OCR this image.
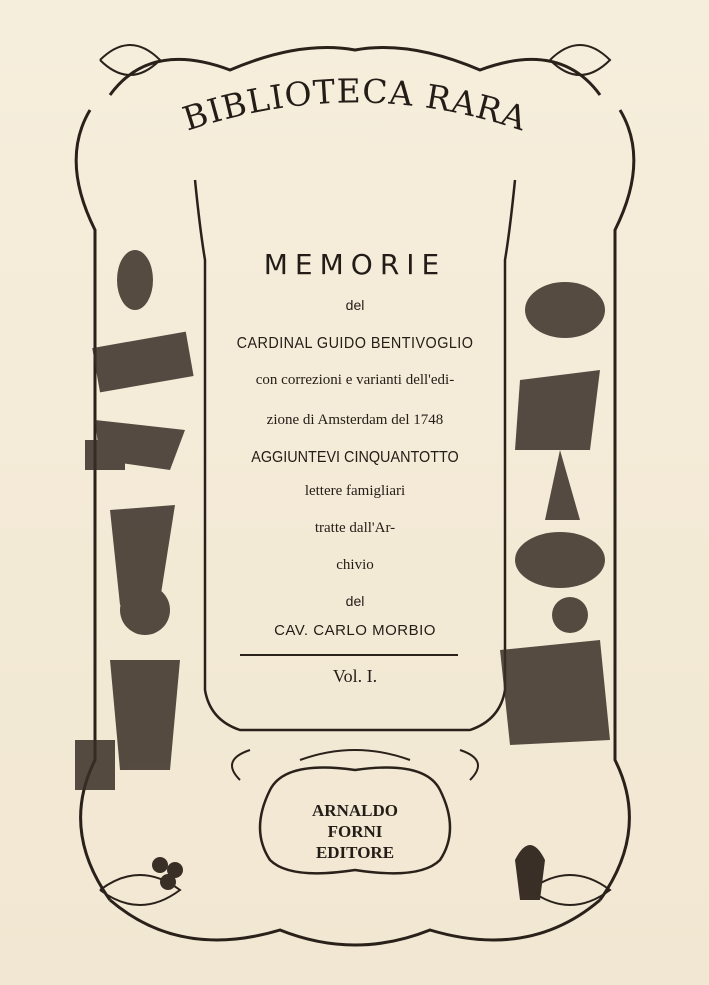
BIBLIOTECA RARA
MEMORIE
del
CARDINAL GUIDO BENTIVOGLIO
con correzioni e varianti dell'edi-
zione di Amsterdam del 1748
AGGIUNTEVI CINQUANTOTTO
lettere famigliari
tratte dall'Ar-
chivio
del
CAV. CARLO MORBIO
Vol. I.
ARNALDO
FORNI
EDITORE
